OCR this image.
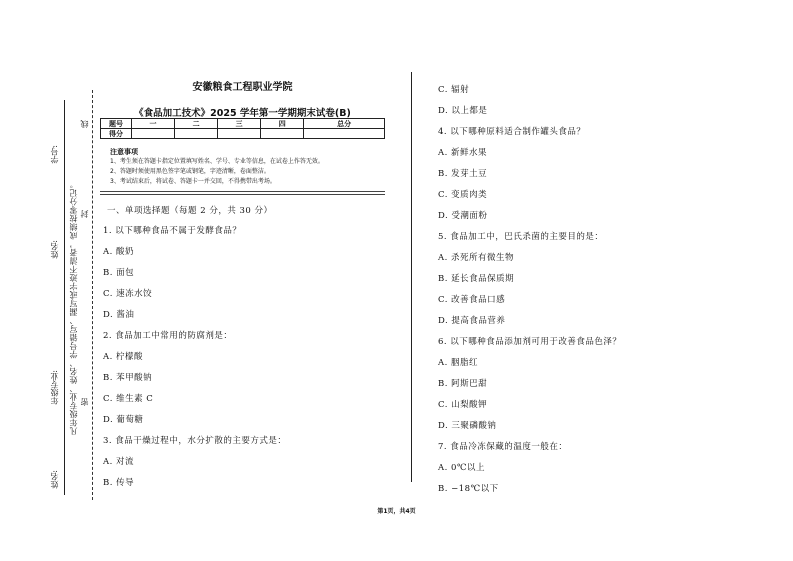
学号:
姓名:
年级专业:
姓名:
凡年级专业、姓名、学号错写、漏写或字迹不清者，成绩按零分记。 密
封
线
安徽粮食工程职业学院
《食品加工技术》2025 学年第一学期期末试卷(B)
题号	一	二	三	四	总分
得分					
注意事项
1、考生须在答题卡指定位置填写姓名、学号、专业等信息，在试卷上作答无效。
2、答题时须使用黑色签字笔或钢笔，字迹清晰，卷面整洁。
3、考试结束后，将试卷、答题卡一并交回，不得携带出考场。
一、单项选择题（每题 2 分，共 30 分）
1. 以下哪种食品不属于发酵食品？
A. 酸奶
B. 面包
C. 速冻水饺
D. 酱油
2. 食品加工中常用的防腐剂是：
A. 柠檬酸
B. 苯甲酸钠
C. 维生素 C
D. 葡萄糖
3. 食品干燥过程中，水分扩散的主要方式是：
A. 对流
B. 传导
C. 辐射
D. 以上都是
4. 以下哪种原料适合制作罐头食品？
A. 新鲜水果
B. 发芽土豆
C. 变质肉类
D. 受潮面粉
5. 食品加工中，巴氏杀菌的主要目的是：
A. 杀死所有微生物
B. 延长食品保质期
C. 改善食品口感
D. 提高食品营养
6. 以下哪种食品添加剂可用于改善食品色泽？
A. 胭脂红
B. 阿斯巴甜
C. 山梨酸钾
D. 三聚磷酸钠
7. 食品冷冻保藏的温度一般在：
A. 0℃以上
B. −18℃以下
第1页，共4页
